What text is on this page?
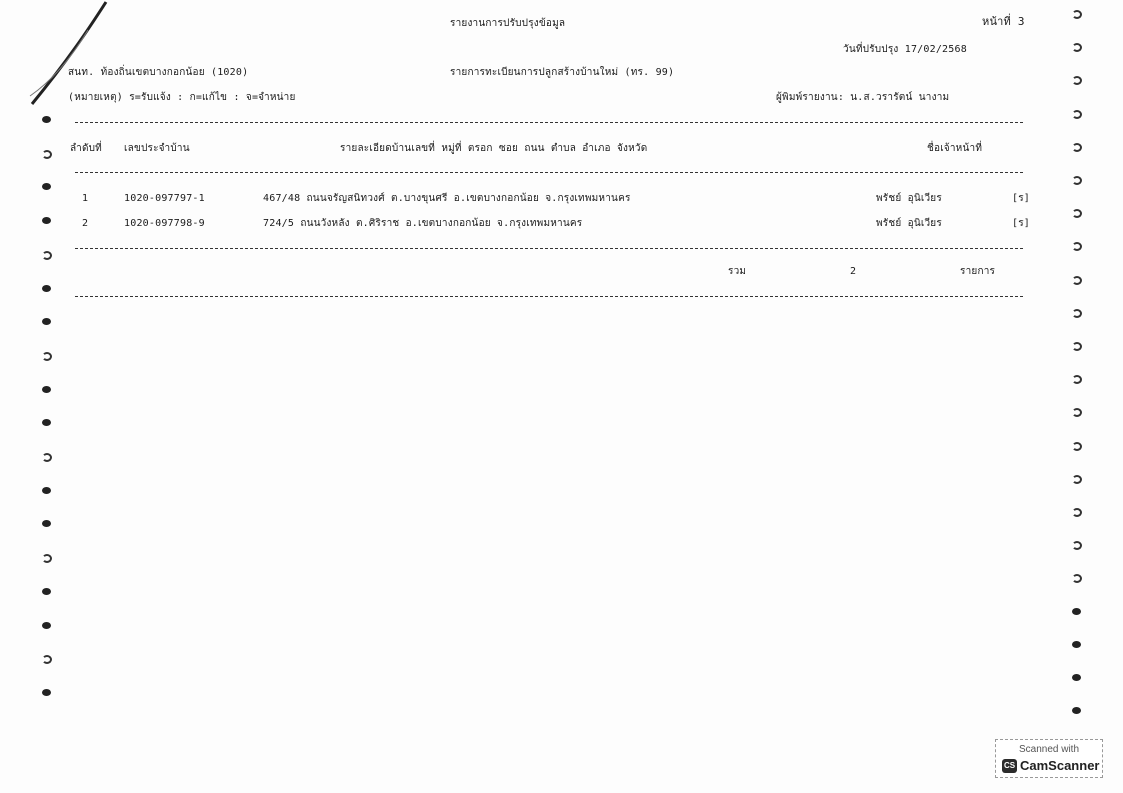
รายงานการปรับปรุงข้อมูล	หน้าที่ 3
วันที่ปรับปรุง 17/02/2568
สนท. ท้องถิ่นเขตบางกอกน้อย (1020)	รายการทะเบียนการปลูกสร้างบ้านใหม่ (ทร. 99)
(หมายเหตุ) ร=รับแจ้ง : ก=แก้ไข : จ=จำหน่าย	ผู้พิมพ์รายงาน: น.ส.วรารัตน์ นางาม
ลำดับที่ เลขประจำบ้าน	รายละเอียดบ้านเลขที่ หมู่ที่ ตรอก ซอย ถนน ตำบล อำเภอ จังหวัด	ชื่อเจ้าหน้าที่
1	1020-097797-1	467/48 ถนนจรัญสนิทวงศ์ ต.บางขุนศรี อ.เขตบางกอกน้อย จ.กรุงเทพมหานคร	พรัชย์ อุนิเวียร	[ร]
2	1020-097798-9	724/5 ถนนวังหลัง ต.ศิริราช อ.เขตบางกอกน้อย จ.กรุงเทพมหานคร	พรัชย์ อุนิเวียร	[ร]
รวม	2	รายการ
Scanned with
CS CamScanner
